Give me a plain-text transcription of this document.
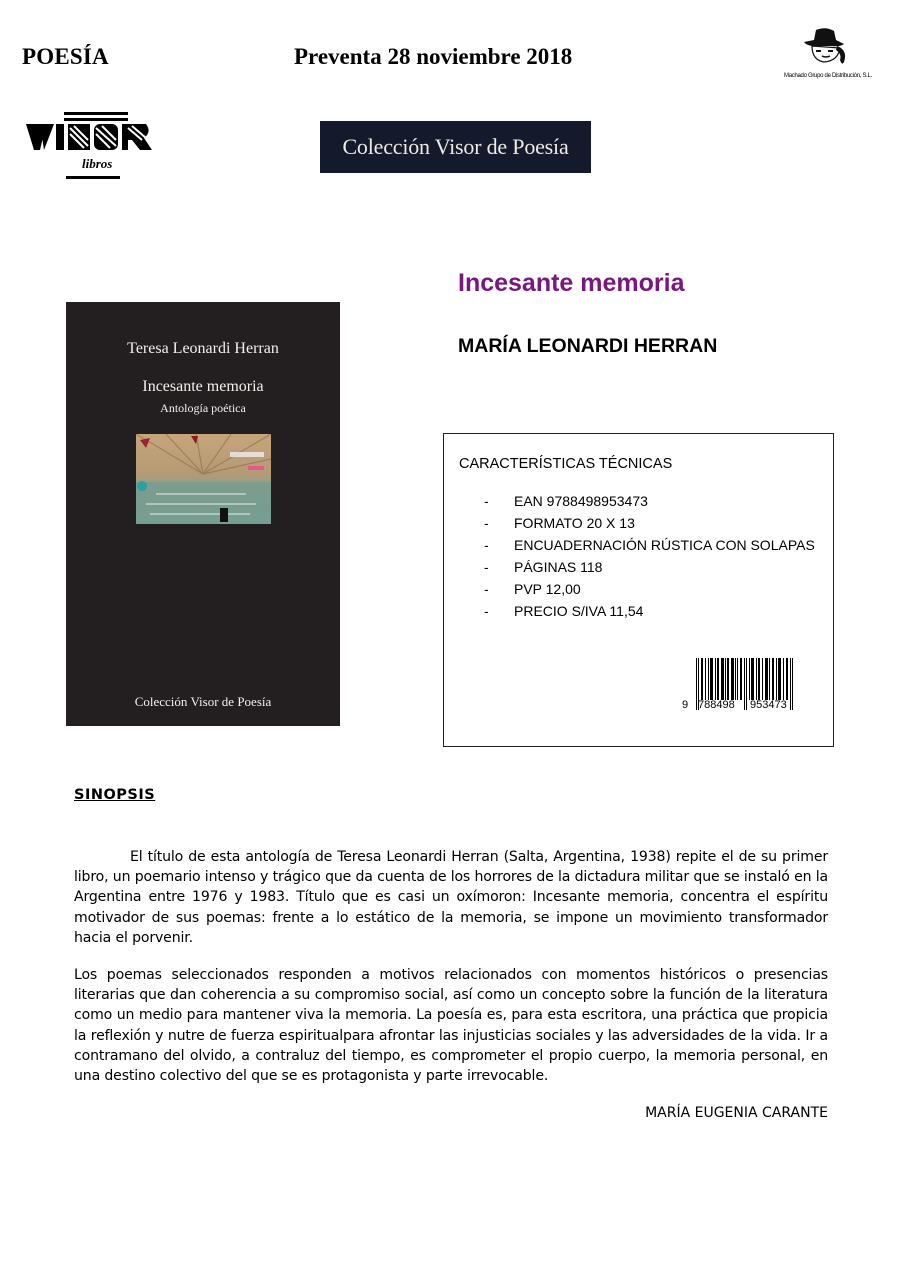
POESÍA	Preventa 28 noviembre 2018
Machado Grupo de Distribución, S.L.
libros
Colección Visor de Poesía
Teresa Leonardi Herran
Incesante memoria
Antología poética
Colección Visor de Poesía
Incesante memoria
MARÍA LEONARDI HERRAN
CARACTERÍSTICAS TÉCNICAS
-	EAN 9788498953473
-	FORMATO 20 X 13
-	ENCUADERNACIÓN RÚSTICA CON SOLAPAS
-	PÁGINAS 118
-	PVP 12,00
-	PRECIO S/IVA 11,54
9 788498	953473
SINOPSIS

El título de esta antología de Teresa Leonardi Herran (Salta, Argentina, 1938) repite el de su primer libro, un poemario intenso y trágico que da cuenta de los horrores de la dictadura militar que se instaló en la Argentina entre 1976 y 1983. Título que es casi un oxímoron: Incesante memoria, concentra el espíritu motivador de sus poemas: frente a lo estático de la memoria, se impone un movimiento transformador hacia el porvenir.

Los poemas seleccionados responden a motivos relacionados con momentos históricos o presencias literarias que dan coherencia a su compromiso social, así como un concepto sobre la función de la literatura como un medio para mantener viva la memoria. La poesía es, para esta escritora, una práctica que propicia la reflexión y nutre de fuerza espiritualpara afrontar las injusticias sociales y las adversidades de la vida. Ir a contramano del olvido, a contraluz del tiempo, es comprometer el propio cuerpo, la memoria personal, en una destino colectivo del que se es protagonista y parte irrevocable.

MARÍA EUGENIA CARANTE
